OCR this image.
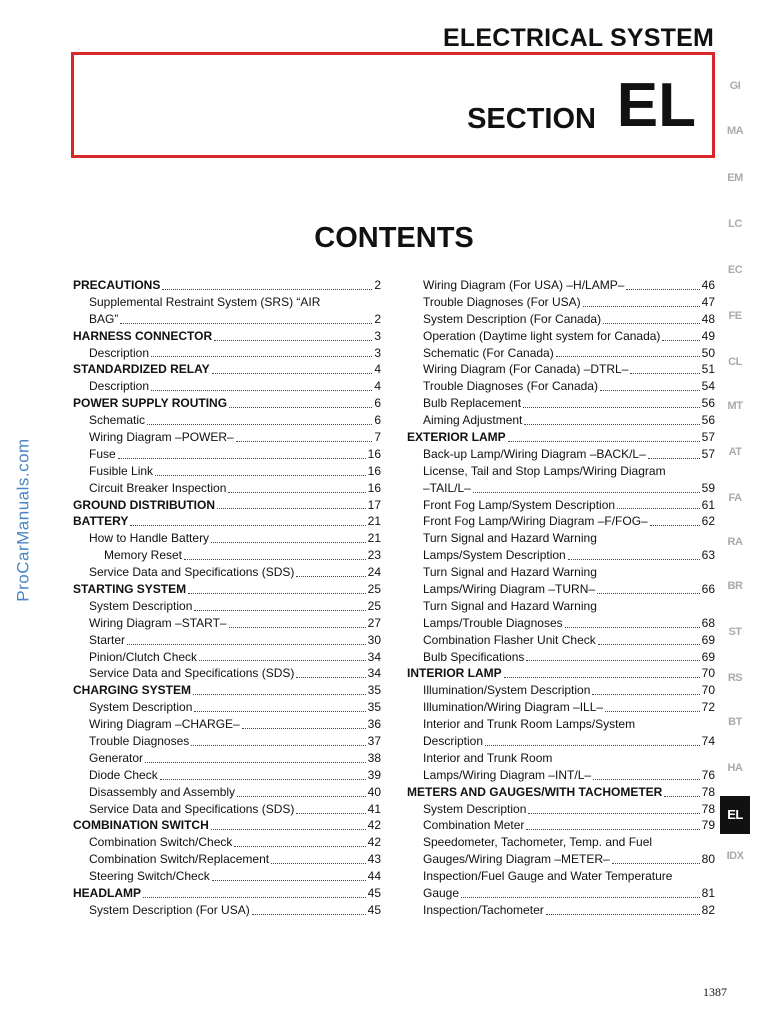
ELECTRICAL SYSTEM
SECTION EL
CONTENTS
PRECAUTIONS	2
Supplemental Restraint System (SRS) “AIR
BAG”	2
HARNESS CONNECTOR	3
Description	3
STANDARDIZED RELAY	4
Description	4
POWER SUPPLY ROUTING	6
Schematic	6
Wiring Diagram –POWER–	7
Fuse	16
Fusible Link	16
Circuit Breaker Inspection	16
GROUND DISTRIBUTION	17
BATTERY	21
How to Handle Battery	21
Memory Reset	23
Service Data and Specifications (SDS)	24
STARTING SYSTEM	25
System Description	25
Wiring Diagram –START–	27
Starter	30
Pinion/Clutch Check	34
Service Data and Specifications (SDS)	34
CHARGING SYSTEM	35
System Description	35
Wiring Diagram –CHARGE–	36
Trouble Diagnoses	37
Generator	38
Diode Check	39
Disassembly and Assembly	40
Service Data and Specifications (SDS)	41
COMBINATION SWITCH	42
Combination Switch/Check	42
Combination Switch/Replacement	43
Steering Switch/Check	44
HEADLAMP	45
System Description (For USA)	45
Wiring Diagram (For USA) –H/LAMP–	46
Trouble Diagnoses (For USA)	47
System Description (For Canada)	48
Operation (Daytime light system for Canada)	49
Schematic (For Canada)	50
Wiring Diagram (For Canada) –DTRL–	51
Trouble Diagnoses (For Canada)	54
Bulb Replacement	56
Aiming Adjustment	56
EXTERIOR LAMP	57
Back-up Lamp/Wiring Diagram –BACK/L–	57
License, Tail and Stop Lamps/Wiring Diagram
–TAIL/L–	59
Front Fog Lamp/System Description	61
Front Fog Lamp/Wiring Diagram –F/FOG–	62
Turn Signal and Hazard Warning
Lamps/System Description	63
Turn Signal and Hazard Warning
Lamps/Wiring Diagram –TURN–	66
Turn Signal and Hazard Warning
Lamps/Trouble Diagnoses	68
Combination Flasher Unit Check	69
Bulb Specifications	69
INTERIOR LAMP	70
Illumination/System Description	70
Illumination/Wiring Diagram –ILL–	72
Interior and Trunk Room Lamps/System
Description	74
Interior and Trunk Room
Lamps/Wiring Diagram –INT/L–	76
METERS AND GAUGES/WITH TACHOMETER	78
System Description	78
Combination Meter	79
Speedometer, Tachometer, Temp. and Fuel
Gauges/Wiring Diagram –METER–	80
Inspection/Fuel Gauge and Water Temperature
Gauge	81
Inspection/Tachometer	82
GI
MA
EM
LC
EC
FE
CL
MT
AT
FA
RA
BR
ST
RS
BT
HA
EL
IDX
ProCarManuals.com
1387
